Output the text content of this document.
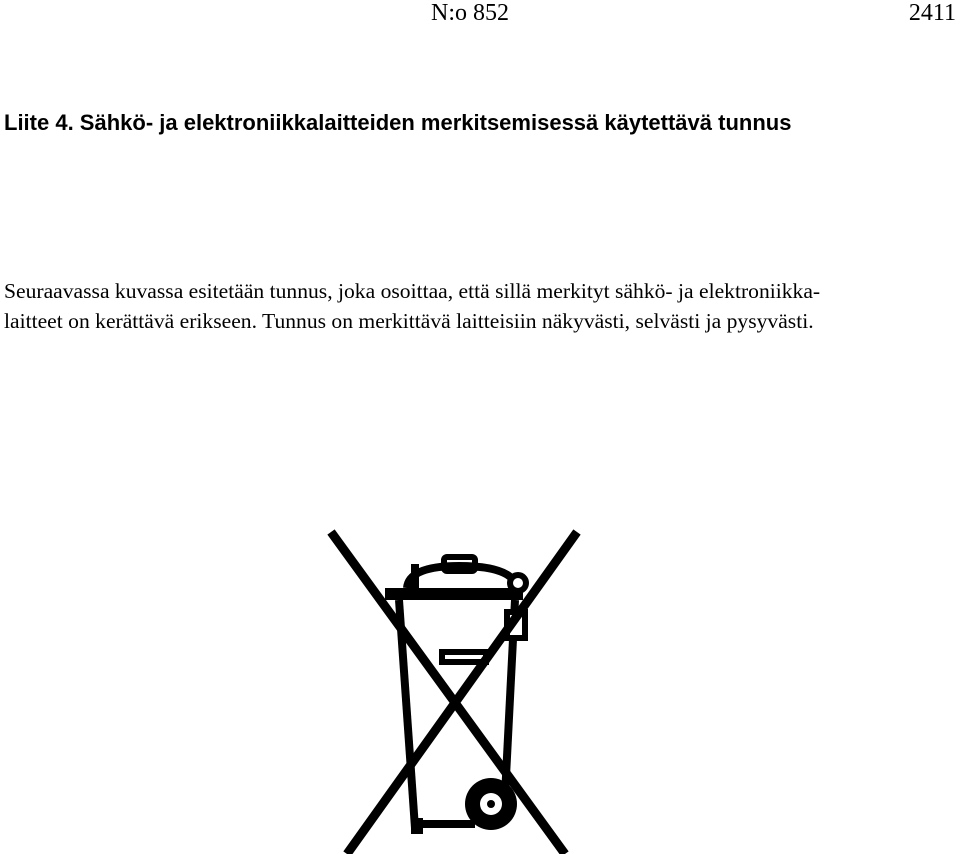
N:o 852	2411
Liite 4. Sähkö- ja elektroniikkalaitteiden merkitsemisessä käytettävä tunnus

Seuraavassa kuvassa esitetään tunnus, joka osoittaa, että sillä merkityt sähkö- ja elektroniikka-
laitteet on kerättävä erikseen. Tunnus on merkittävä laitteisiin näkyvästi, selvästi ja pysyvästi.
